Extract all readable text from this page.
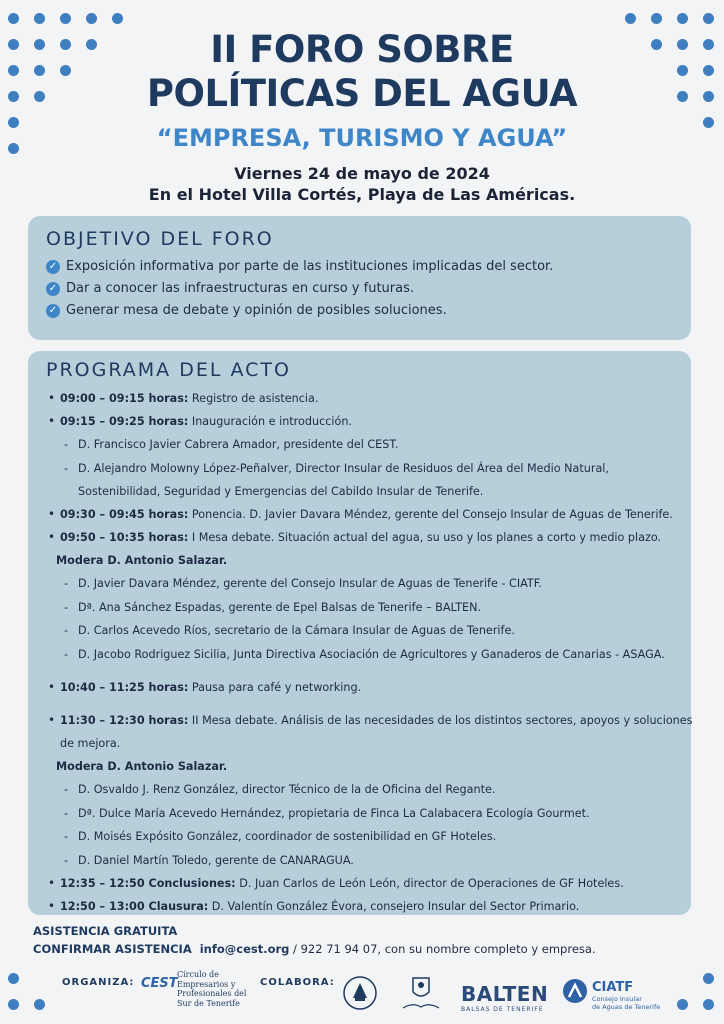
II FORO SOBRE
POLÍTICAS DEL AGUA
“EMPRESA, TURISMO Y AGUA”
Viernes 24 de mayo de 2024
En el Hotel Villa Cortés, Playa de Las Américas.
OBJETIVO DEL FORO
✓ Exposición informativa por parte de las instituciones implicadas del sector.
✓ Dar a conocer las infraestructuras en curso y futuras.
✓ Generar mesa de debate y opinión de posibles soluciones.
PROGRAMA DEL ACTO
• 09:00 – 09:15 horas: Registro de asistencia.
• 09:15 – 09:25 horas: Inauguración e introducción.
- D. Francisco Javier Cabrera Amador, presidente del CEST.
- D. Alejandro Molowny López-Peñalver, Director Insular de Residuos del Área del Medio Natural,
Sostenibilidad, Seguridad y Emergencias del Cabildo Insular de Tenerife.
• 09:30 – 09:45 horas: Ponencia. D. Javier Davara Méndez, gerente del Consejo Insular de Aguas de Tenerife.
• 09:50 – 10:35 horas: I Mesa debate. Situación actual del agua, su uso y los planes a corto y medio plazo.
Modera D. Antonio Salazar.
- D. Javier Davara Méndez, gerente del Consejo Insular de Aguas de Tenerife - CIATF.
- Dª. Ana Sánchez Espadas, gerente de Epel Balsas de Tenerife – BALTEN.
- D. Carlos Acevedo Ríos, secretario de la Cámara Insular de Aguas de Tenerife.
- D. Jacobo Rodriguez Sicilia, Junta Directiva Asociación de Agricultores y Ganaderos de Canarias - ASAGA.
• 10:40 – 11:25 horas: Pausa para café y networking.
• 11:30 – 12:30 horas: II Mesa debate. Análisis de las necesidades de los distintos sectores, apoyos y soluciones
de mejora.
Modera D. Antonio Salazar.
- D. Osvaldo J. Renz González, director Técnico de la de Oficina del Regante.
- Dª. Dulce María Acevedo Hernández, propietaria de Finca La Calabacera Ecología Gourmet.
- D. Moisés Expósito González, coordinador de sostenibilidad en GF Hoteles.
- D. Daniel Martín Toledo, gerente de CANARAGUA.
• 12:35 – 12:50 Conclusiones: D. Juan Carlos de León León, director de Operaciones de GF Hoteles.
• 12:50 – 13:00 Clausura: D. Valentín González Évora, consejero Insular del Sector Primario.
ASISTENCIA GRATUITA
CONFIRMAR ASISTENCIA info@cest.org / 922 71 94 07, con su nombre completo y empresa.
ORGANIZA: CEST
Círculo de
Empresarios y
Profesionales del
Sur de Tenerife
COLABORA:	BALTEN
BALSAS DE TENERIFE
CIATF
Consejo Insular
de Aguas de Tenerife
